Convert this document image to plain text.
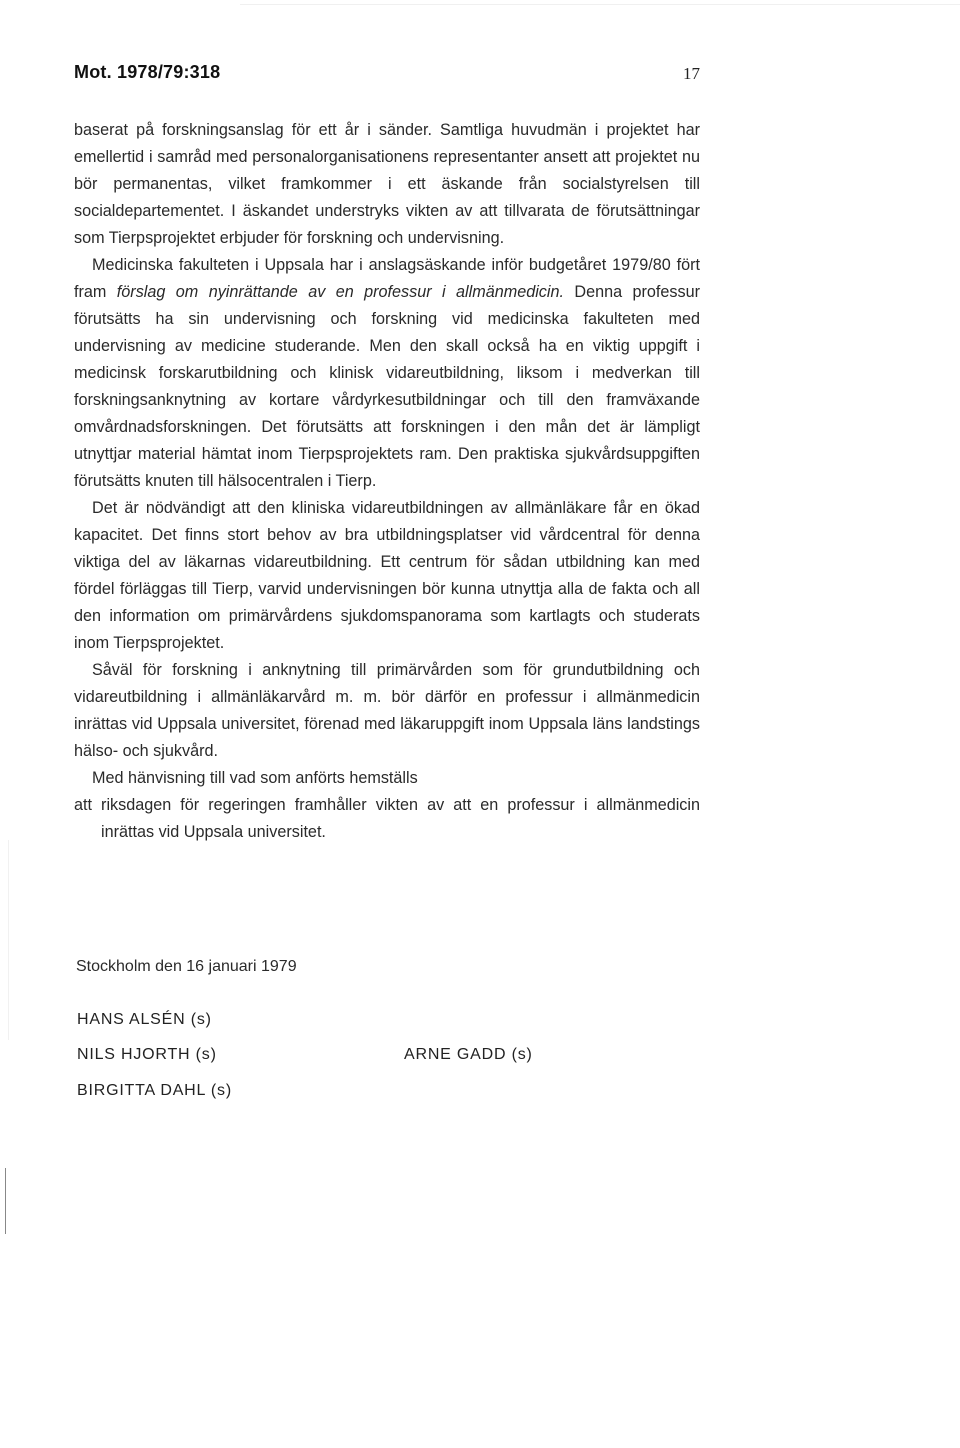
Mot. 1978/79:318	17

baserat på forskningsanslag för ett år i sänder. Samtliga huvudmän i projektet har emellertid i samråd med personalorganisationens representanter ansett att projektet nu bör permanentas, vilket framkommer i ett äskande från socialstyrelsen till socialdepartementet. I äskandet understryks vikten av att tillvarata de förutsättningar som Tierpsprojektet erbjuder för forskning och undervisning.

Medicinska fakulteten i Uppsala har i anslagsäskande inför budgetåret 1979/80 fört fram förslag om nyinrättande av en professur i allmänmedicin. Denna professur förutsätts ha sin undervisning och forskning vid medicinska fakulteten med undervisning av medicine studerande. Men den skall också ha en viktig uppgift i medicinsk forskarutbildning och klinisk vidareutbildning, liksom i medverkan till forskningsanknytning av kortare vårdyrkesutbildningar och till den framväxande omvårdnadsforskningen. Det förutsätts att forskningen i den mån det är lämpligt utnyttjar material hämtat inom Tierpsprojektets ram. Den praktiska sjukvårdsuppgiften förutsätts knuten till hälsocentralen i Tierp.

Det är nödvändigt att den kliniska vidareutbildningen av allmänläkare får en ökad kapacitet. Det finns stort behov av bra utbildningsplatser vid vårdcentral för denna viktiga del av läkarnas vidareutbildning. Ett centrum för sådan utbildning kan med fördel förläggas till Tierp, varvid undervisningen bör kunna utnyttja alla de fakta och all den information om primärvårdens sjukdomspanorama som kartlagts och studerats inom Tierpsprojektet.

Såväl för forskning i anknytning till primärvården som för grundutbildning och vidareutbildning i allmänläkarvård m. m. bör därför en professur i allmänmedicin inrättas vid Uppsala universitet, förenad med läkaruppgift inom Uppsala läns landstings hälso- och sjukvård.

Med hänvisning till vad som anförts hemställs

att riksdagen för regeringen framhåller vikten av att en professur i allmänmedicin inrättas vid Uppsala universitet.

Stockholm den 16 januari 1979
HANS ALSÉN (s)
NILS HJORTH (s)	ARNE GADD (s)
BIRGITTA DAHL (s)
